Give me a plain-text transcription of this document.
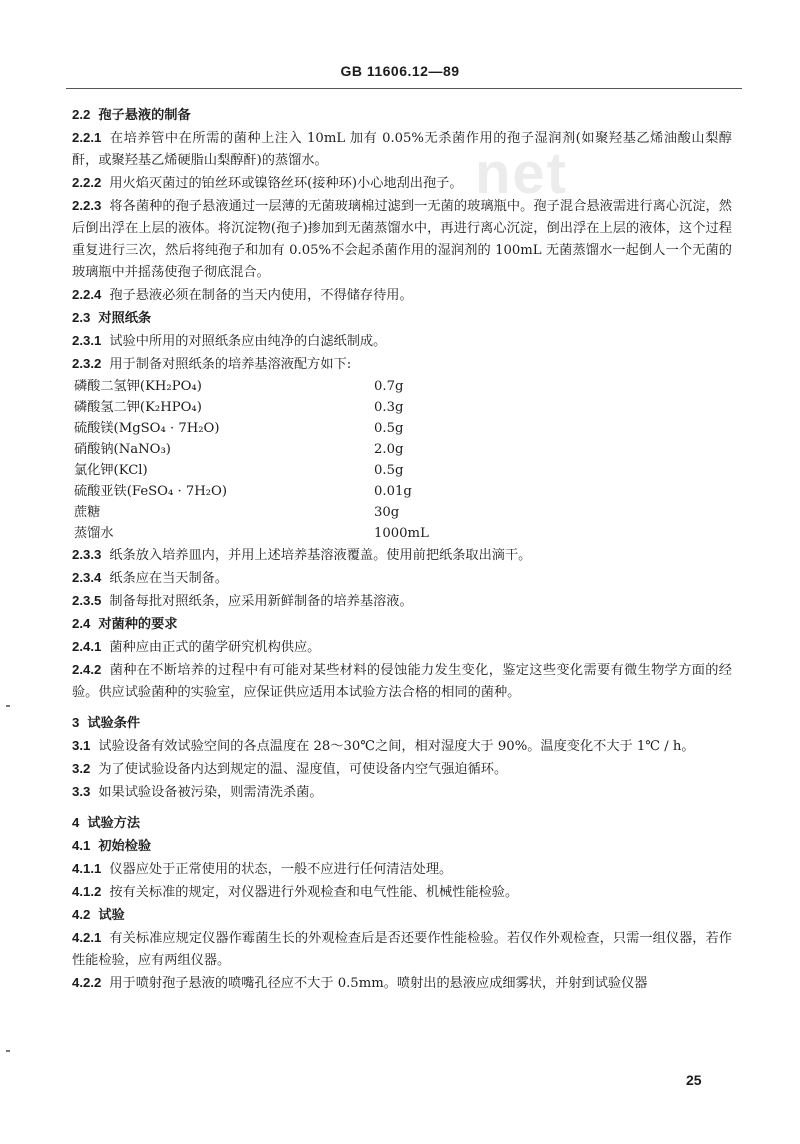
GB 11606.12—89
net

2.2 孢子悬液的制备

2.2.1 在培养管中在所需的菌种上注入 10mL 加有 0.05%无杀菌作用的孢子湿润剂(如聚羟基乙烯油酸山梨醇酐，或聚羟基乙烯硬脂山梨醇酐)的蒸馏水。

2.2.2 用火焰灭菌过的铂丝环或镍铬丝环(接种环)小心地刮出孢子。

2.2.3 将各菌种的孢子悬液通过一层薄的无菌玻璃棉过滤到一无菌的玻璃瓶中。孢子混合悬液需进行离心沉淀，然后倒出浮在上层的液体。将沉淀物(孢子)掺加到无菌蒸馏水中，再进行离心沉淀，倒出浮在上层的液体，这个过程重复进行三次，然后将纯孢子和加有 0.05%不会起杀菌作用的湿润剂的 100mL 无菌蒸馏水一起倒人一个无菌的玻璃瓶中并摇荡使孢子彻底混合。

2.2.4 孢子悬液必须在制备的当天内使用，不得储存待用。

2.3 对照纸条

2.3.1 试验中所用的对照纸条应由纯净的白滤纸制成。

2.3.2 用于制备对照纸条的培养基溶液配方如下:

磷酸二氢钾(KH₂PO₄)	0.7g
磷酸氢二钾(K₂HPO₄)	0.3g
硫酸镁(MgSO₄ · 7H₂O)	0.5g
硝酸钠(NaNO₃)	2.0g
氯化钾(KCl)	0.5g
硫酸亚铁(FeSO₄ · 7H₂O)	0.01g
蔗糖	30g
蒸馏水	1000mL

2.3.3 纸条放入培养皿内，并用上述培养基溶液覆盖。使用前把纸条取出滴干。

2.3.4 纸条应在当天制备。

2.3.5 制备每批对照纸条，应采用新鲜制备的培养基溶液。

2.4 对菌种的要求

2.4.1 菌种应由正式的菌学研究机构供应。

2.4.2 菌种在不断培养的过程中有可能对某些材料的侵蚀能力发生变化，鉴定这些变化需要有微生物学方面的经验。供应试验菌种的实验室，应保证供应适用本试验方法合格的相同的菌种。

3 试验条件

3.1 试验设备有效试验空间的各点温度在 28～30℃之间，相对湿度大于 90%。温度变化不大于 1℃ / h。

3.2 为了使试验设备内达到规定的温、湿度值，可使设备内空气强迫循环。

3.3 如果试验设备被污染，则需清洗杀菌。

4 试验方法

4.1 初始检验

4.1.1 仪器应处于正常使用的状态，一般不应进行任何清洁处理。

4.1.2 按有关标准的规定，对仪器进行外观检查和电气性能、机械性能检验。

4.2 试验

4.2.1 有关标准应规定仪器作霉菌生长的外观检查后是否还要作性能检验。若仅作外观检查，只需一组仪器，若作性能检验，应有两组仪器。

4.2.2 用于喷射孢子悬液的喷嘴孔径应不大于 0.5mm。喷射出的悬液应成细雾状，并射到试验仪器

25
